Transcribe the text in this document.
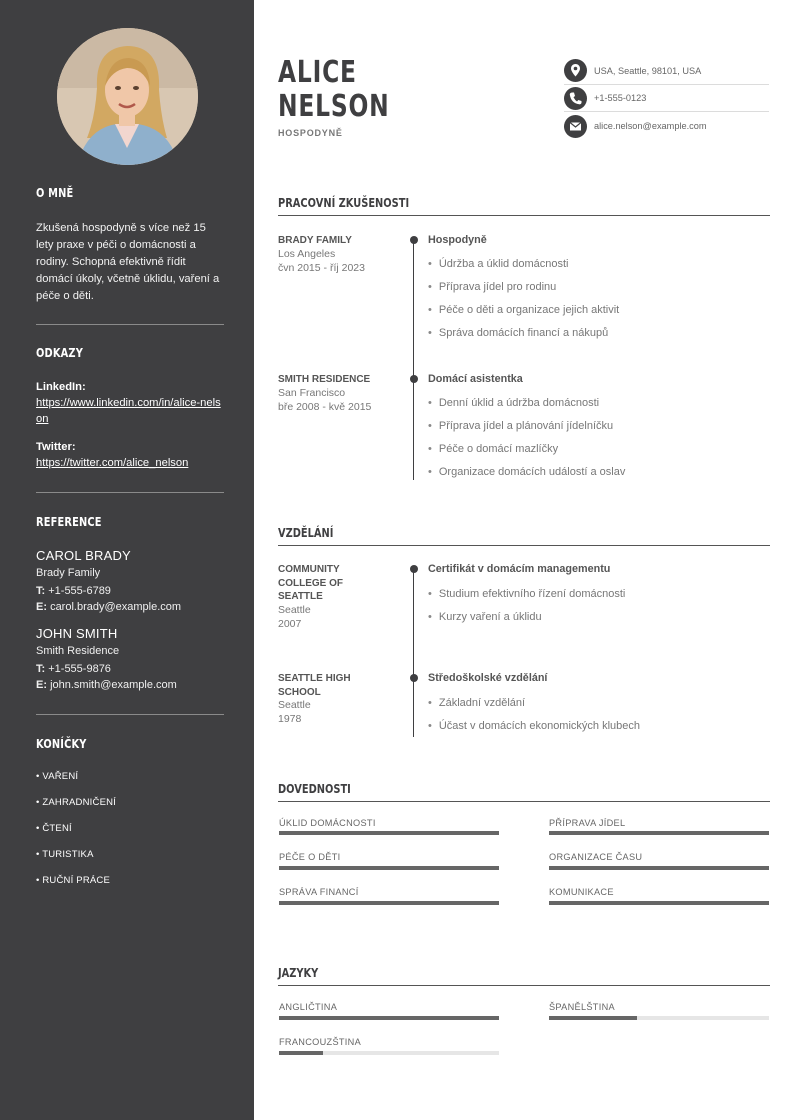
O MNĚ
Zkušená hospodyně s více než 15 lety praxe v péči o domácnosti a rodiny. Schopná efektivně řídit domácí úkoly, včetně úklidu, vaření a péče o děti.
ODKAZY
LinkedIn:
https://www.linkedin.com/in/alice-nelson
Twitter:
https://twitter.com/alice_nelson
REFERENCE
CAROL BRADY
Brady Family
T: +1-555-6789
E: carol.brady@example.com
JOHN SMITH
Smith Residence
T: +1-555-9876
E: john.smith@example.com
KONÍČKY
• VAŘENÍ
• ZAHRADNIČENÍ
• ČTENÍ
• TURISTIKA
• RUČNÍ PRÁCE
ALICE
NELSON
HOSPODYNĚ
USA, Seattle, 98101, USA
+1-555-0123
alice.nelson@example.com
PRACOVNÍ ZKUŠENOSTI
BRADY FAMILY
Los Angeles
čvn 2015 - říj 2023
Hospodyně
• Údržba a úklid domácnosti
• Příprava jídel pro rodinu
• Péče o děti a organizace jejich aktivit
• Správa domácích financí a nákupů
SMITH RESIDENCE
San Francisco
bře 2008 - kvě 2015
Domácí asistentka
• Denní úklid a údržba domácnosti
• Příprava jídel a plánování jídelníčku
• Péče o domácí mazlíčky
• Organizace domácích událostí a oslav
VZDĚLÁNÍ
COMMUNITY
COLLEGE OF
SEATTLE
Seattle
2007
Certifikát v domácím managementu
• Studium efektivního řízení domácnosti
• Kurzy vaření a úklidu
SEATTLE HIGH
SCHOOL
Seattle
1978
Středoškolské vzdělání
• Základní vzdělání
• Účast v domácích ekonomických klubech
DOVEDNOSTI
ÚKLID DOMÁCNOSTI	PŘÍPRAVA JÍDEL
PÉČE O DĚTI	ORGANIZACE ČASU
SPRÁVA FINANCÍ	KOMUNIKACE
JAZYKY
ANGLIČTINA	ŠPANĚLŠTINA
FRANCOUZŠTINA
